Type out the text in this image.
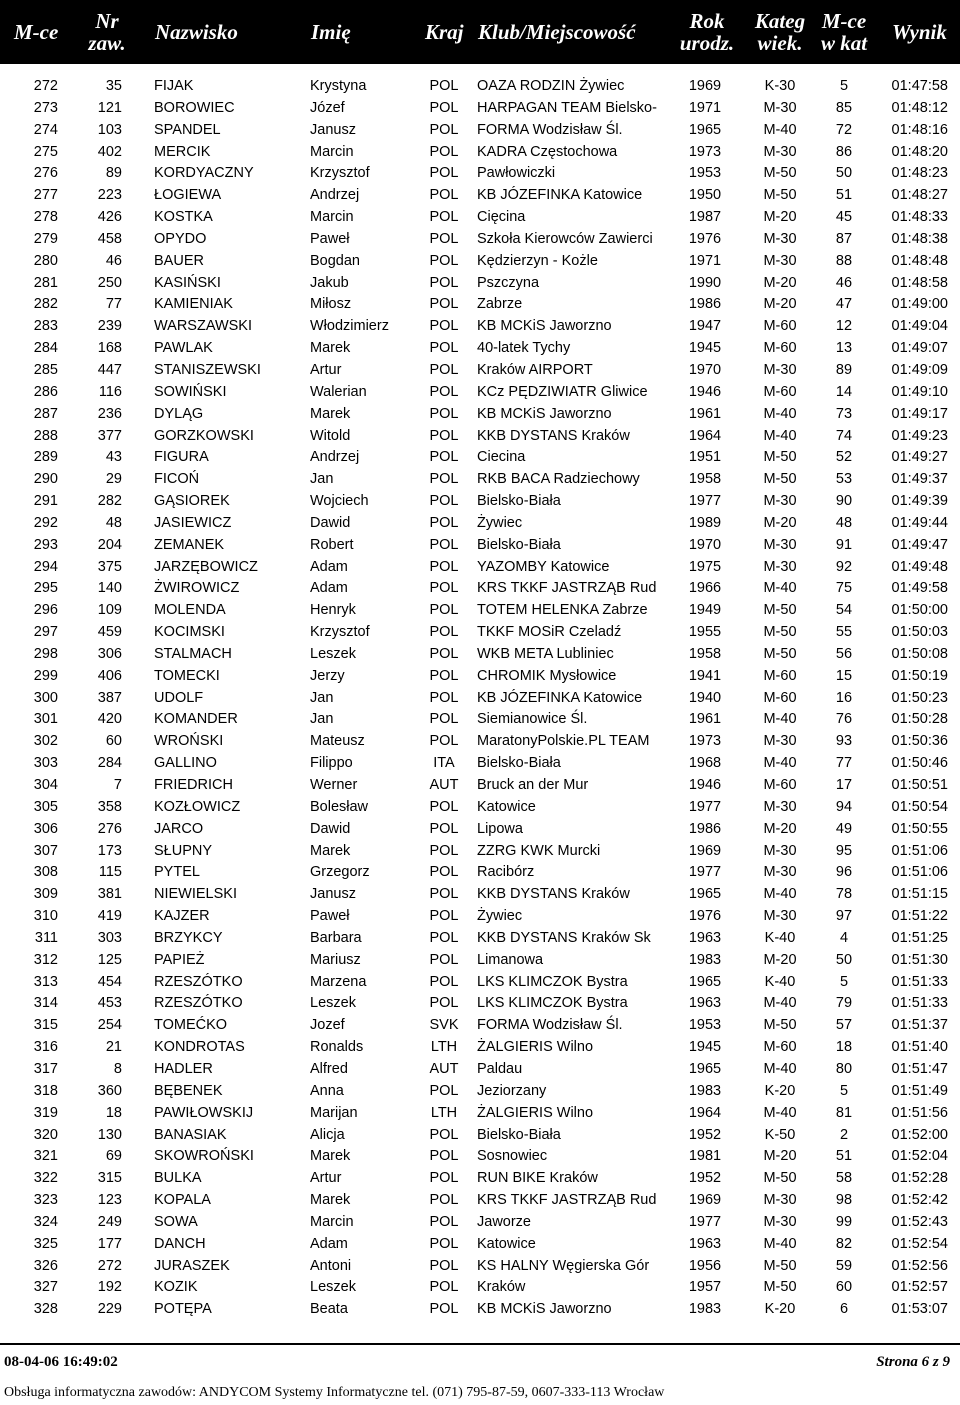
M-ce Nr
zaw. Nazwisko	Imię	Kraj Klub/Miejscowość	Rok
urodz.
Kateg
wiek.
M-ce
w kat Wynik
272	35 FIJAK	Krystyna	POL	OAZA RODZIN Żywiec	1969	K-30	5	01:47:58
273	121 BOROWIEC	Józef	POL	HARPAGAN TEAM Bielsko-	1971	M-30	85	01:48:12
274	103 SPANDEL	Janusz	POL	FORMA Wodzisław Śl.	1965	M-40	72	01:48:16
275	402 MERCIK	Marcin	POL	KADRA Częstochowa	1973	M-30	86	01:48:20
276	89 KORDYACZNY	Krzysztof	POL	Pawłowiczki	1953	M-50	50	01:48:23
277	223 ŁOGIEWA	Andrzej	POL	KB JÓZEFINKA Katowice	1950	M-50	51	01:48:27
278	426 KOSTKA	Marcin	POL	Cięcina	1987	M-20	45	01:48:33
279	458 OPYDO	Paweł	POL	Szkoła Kierowców Zawierci	1976	M-30	87	01:48:38
280	46 BAUER	Bogdan	POL	Kędzierzyn - Kożle	1971	M-30	88	01:48:48
281	250 KASIŃSKI	Jakub	POL	Pszczyna	1990	M-20	46	01:48:58
282	77 KAMIENIAK	Miłosz	POL	Zabrze	1986	M-20	47	01:49:00
283	239 WARSZAWSKI	Włodzimierz	POL	KB MCKiS Jaworzno	1947	M-60	12	01:49:04
284	168 PAWLAK	Marek	POL	40-latek Tychy	1945	M-60	13	01:49:07
285	447 STANISZEWSKI	Artur	POL	Kraków AIRPORT	1970	M-30	89	01:49:09
286	116 SOWIŃSKI	Walerian	POL	KCz PĘDZIWIATR Gliwice	1946	M-60	14	01:49:10
287	236 DYLĄG	Marek	POL	KB MCKiS Jaworzno	1961	M-40	73	01:49:17
288	377 GORZKOWSKI	Witold	POL	KKB DYSTANS Kraków	1964	M-40	74	01:49:23
289	43 FIGURA	Andrzej	POL	Ciecina	1951	M-50	52	01:49:27
290	29 FICOŃ	Jan	POL	RKB BACA Radziechowy	1958	M-50	53	01:49:37
291	282 GĄSIOREK	Wojciech	POL	Bielsko-Biała	1977	M-30	90	01:49:39
292	48 JASIEWICZ	Dawid	POL	Żywiec	1989	M-20	48	01:49:44
293	204 ZEMANEK	Robert	POL	Bielsko-Biała	1970	M-30	91	01:49:47
294	375 JARZĘBOWICZ	Adam	POL	YAZOMBY Katowice	1975	M-30	92	01:49:48
295	140 ŻWIROWICZ	Adam	POL	KRS TKKF JASTRZĄB Rud	1966	M-40	75	01:49:58
296	109 MOLENDA	Henryk	POL	TOTEM HELENKA Zabrze	1949	M-50	54	01:50:00
297	459 KOCIMSKI	Krzysztof	POL	TKKF MOSiR Czeladź	1955	M-50	55	01:50:03
298	306 STALMACH	Leszek	POL	WKB META Lubliniec	1958	M-50	56	01:50:08
299	406 TOMECKI	Jerzy	POL	CHROMIK Mysłowice	1941	M-60	15	01:50:19
300	387 UDOLF	Jan	POL	KB JÓZEFINKA Katowice	1940	M-60	16	01:50:23
301	420 KOMANDER	Jan	POL	Siemianowice Śl.	1961	M-40	76	01:50:28
302	60 WROŃSKI	Mateusz	POL	MaratonyPolskie.PL TEAM	1973	M-30	93	01:50:36
303	284 GALLINO	Filippo	ITA	Bielsko-Biała	1968	M-40	77	01:50:46
304	7 FRIEDRICH	Werner	AUT	Bruck an der Mur	1946	M-60	17	01:50:51
305	358 KOZŁOWICZ	Bolesław	POL	Katowice	1977	M-30	94	01:50:54
306	276 JARCO	Dawid	POL	Lipowa	1986	M-20	49	01:50:55
307	173 SŁUPNY	Marek	POL	ZZRG KWK Murcki	1969	M-30	95	01:51:06
308	115 PYTEL	Grzegorz	POL	Racibórz	1977	M-30	96	01:51:06
309	381 NIEWIELSKI	Janusz	POL	KKB DYSTANS Kraków	1965	M-40	78	01:51:15
310	419 KAJZER	Paweł	POL	Żywiec	1976	M-30	97	01:51:22
311	303 BRZYKCY	Barbara	POL	KKB DYSTANS Kraków Sk	1963	K-40	4	01:51:25
312	125 PAPIEŻ	Mariusz	POL	Limanowa	1983	M-20	50	01:51:30
313	454 RZESZÓTKO	Marzena	POL	LKS KLIMCZOK Bystra	1965	K-40	5	01:51:33
314	453 RZESZÓTKO	Leszek	POL	LKS KLIMCZOK Bystra	1963	M-40	79	01:51:33
315	254 TOMEĆKO	Jozef	SVK	FORMA Wodzisław Śl.	1953	M-50	57	01:51:37
316	21 KONDROTAS	Ronalds	LTH	ŻALGIERIS Wilno	1945	M-60	18	01:51:40
317	8 HADLER	Alfred	AUT	Paldau	1965	M-40	80	01:51:47
318	360 BĘBENEK	Anna	POL	Jeziorzany	1983	K-20	5	01:51:49
319	18 PAWIŁOWSKIJ	Marijan	LTH	ŻALGIERIS Wilno	1964	M-40	81	01:51:56
320	130 BANASIAK	Alicja	POL	Bielsko-Biała	1952	K-50	2	01:52:00
321	69 SKOWROŃSKI	Marek	POL	Sosnowiec	1981	M-20	51	01:52:04
322	315 BULKA	Artur	POL	RUN BIKE Kraków	1952	M-50	58	01:52:28
323	123 KOPALA	Marek	POL	KRS TKKF JASTRZĄB Rud	1969	M-30	98	01:52:42
324	249 SOWA	Marcin	POL	Jaworze	1977	M-30	99	01:52:43
325	177 DANCH	Adam	POL	Katowice	1963	M-40	82	01:52:54
326	272 JURASZEK	Antoni	POL	KS HALNY Węgierska Gór	1956	M-50	59	01:52:56
327	192 KOZIK	Leszek	POL	Kraków	1957	M-50	60	01:52:57
328	229 POTĘPA	Beata	POL	KB MCKiS Jaworzno	1983	K-20	6	01:53:07
08-04-06 16:49:02	Strona 6 z 9
Obsługa informatyczna zawodów: ANDYCOM Systemy Informatyczne tel. (071) 795-87-59, 0607-333-113 Wrocław
